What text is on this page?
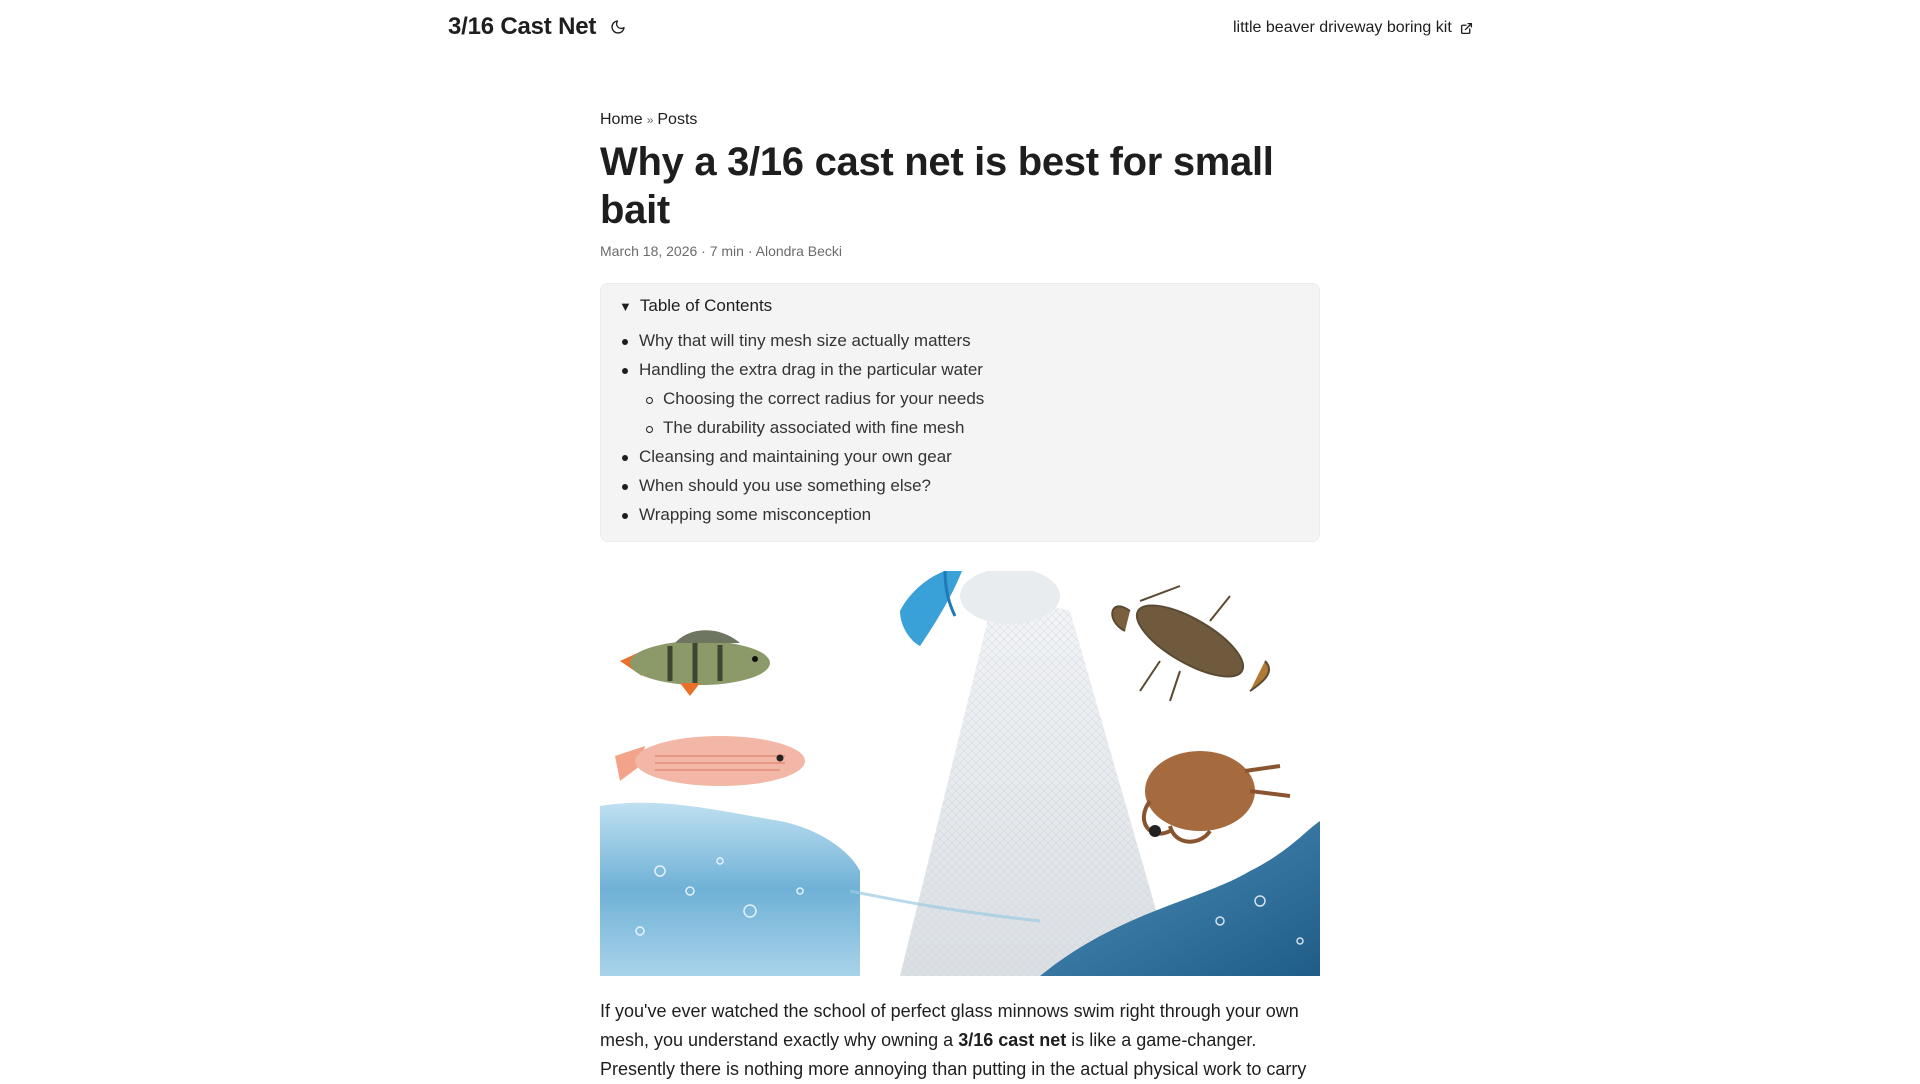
3/16 Cast Net	little beaver driveway boring kit
Home » Posts
Why a 3/16 cast net is best for small bait
March 18, 2026 · 7 min · Alondra Becki
▼ Table of Contents
Why that will tiny mesh size actually matters
Handling the extra drag in the particular water
Choosing the correct radius for your needs
The durability associated with fine mesh
Cleansing and maintaining your own gear
When should you use something else?
Wrapping some misconception

If you've ever watched the school of perfect glass minnows swim right through your own mesh, you understand exactly why owning a 3/16 cast net is like a game-changer. Presently there is nothing more annoying than putting in the actual physical work to carry
